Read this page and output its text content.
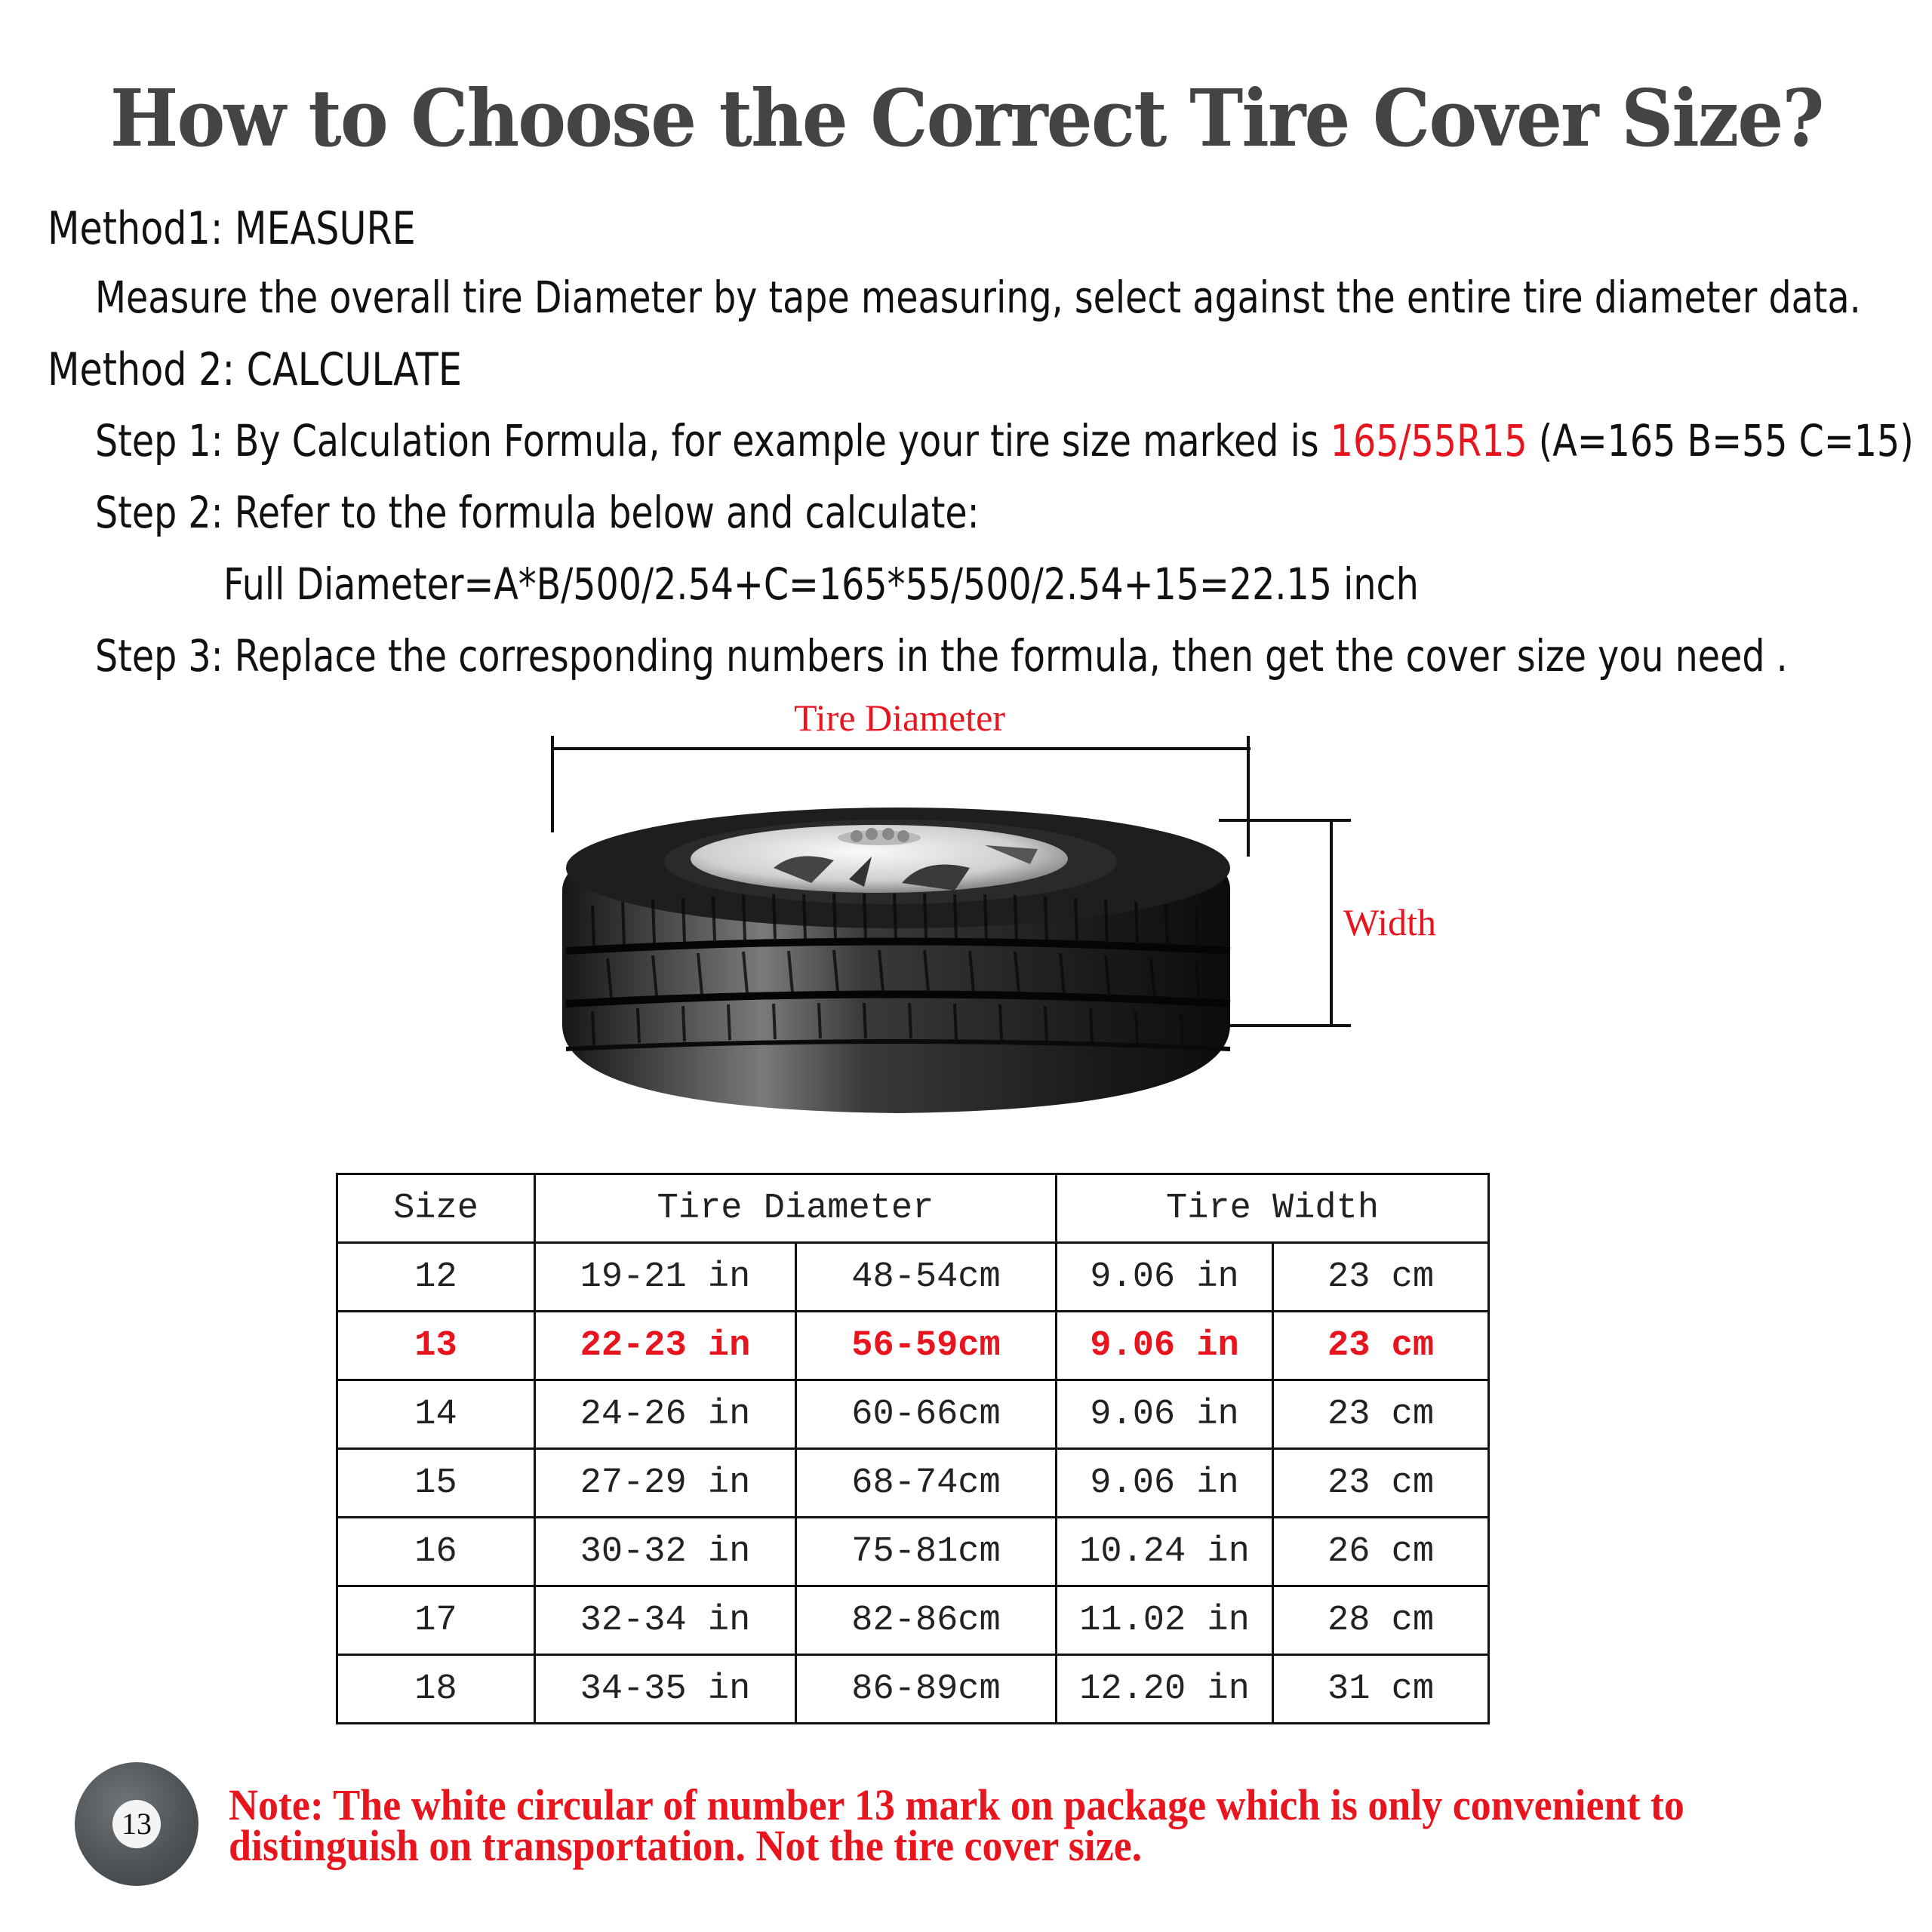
How to Choose the Correct Tire Cover Size?
Method1: MEASURE
Measure the overall tire Diameter by tape measuring, select against the entire tire diameter data.
Method 2: CALCULATE
Step 1: By Calculation Formula, for example your tire size marked is 165/55R15 (A=165 B=55 C=15)
Step 2: Refer to the formula below and calculate:
Full Diameter=A*B/500/2.54+C=165*55/500/2.54+15=22.15 inch
Step 3: Replace the corresponding numbers in the formula, then get the cover size you need .
Tire Diameter
Width
Size	Tire Diameter		Tire Width	
12	19-21 in	48-54cm	9.06 in	23 cm
13	22-23 in	56-59cm	9.06 in	23 cm
14	24-26 in	60-66cm	9.06 in	23 cm
15	27-29 in	68-74cm	9.06 in	23 cm
16	30-32 in	75-81cm	10.24 in	26 cm
17	32-34 in	82-86cm	11.02 in	28 cm
18	34-35 in	86-89cm	12.20 in	31 cm
13 Note: The white circular of number 13 mark on package which is only convenient to
distinguish on transportation. Not the tire cover size.
